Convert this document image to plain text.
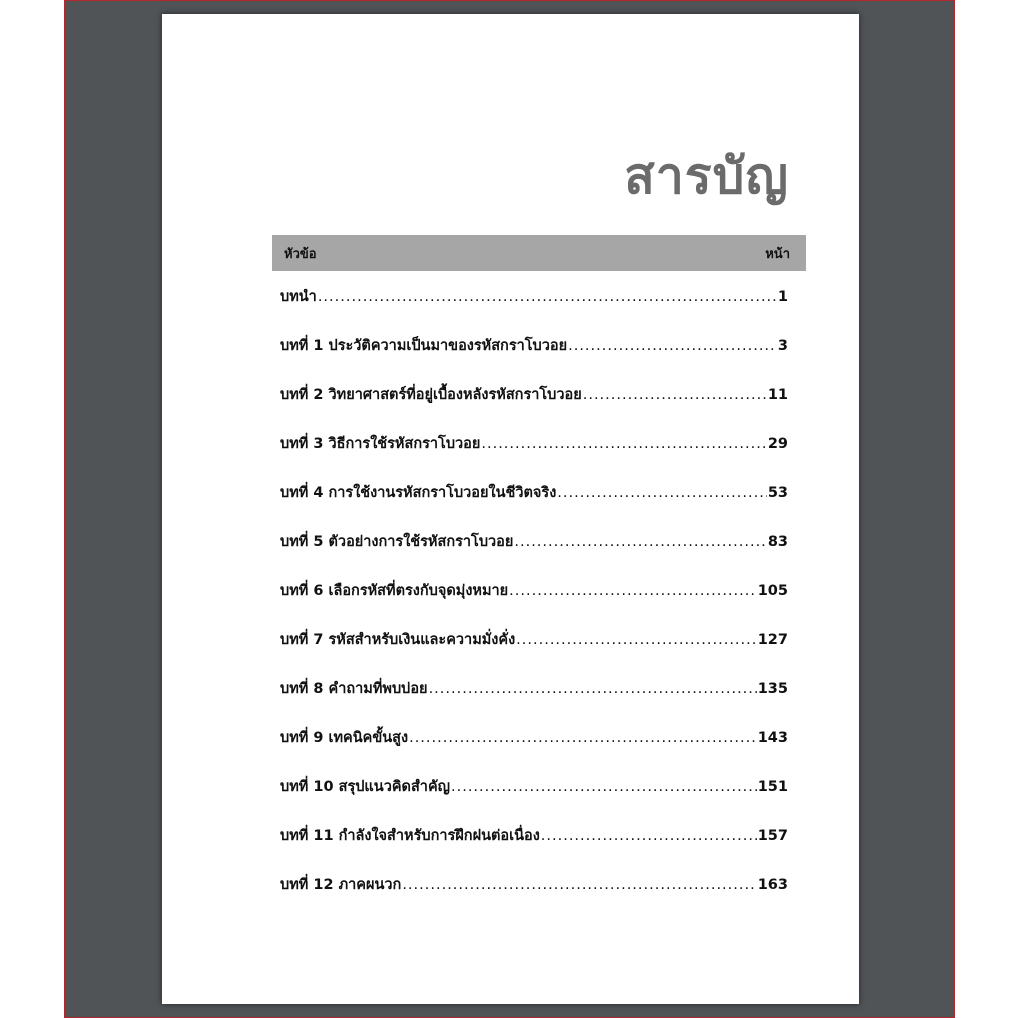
สารบัญ
หัวข้อ	หน้า
บทนำ .....	1
บทที่ 1 ประวัติความเป็นมาของรหัสกราโบวอย .....	3
บทที่ 2 วิทยาศาสตร์ที่อยู่เบื้องหลังรหัสกราโบวอย .....	11
บทที่ 3 วิธีการใช้รหัสกราโบวอย .....	29
บทที่ 4 การใช้งานรหัสกราโบวอยในชีวิตจริง .....	53
บทที่ 5 ตัวอย่างการใช้รหัสกราโบวอย .....	83
บทที่ 6 เลือกรหัสที่ตรงกับจุดมุ่งหมาย .....	105
บทที่ 7 รหัสสำหรับเงินและความมั่งคั่ง .....	127
บทที่ 8 คำถามที่พบบ่อย .....	135
บทที่ 9 เทคนิคขั้นสูง .....	143
บทที่ 10 สรุปแนวคิดสำคัญ .....	151
บทที่ 11 กำลังใจสำหรับการฝึกฝนต่อเนื่อง .....	157
บทที่ 12 ภาคผนวก .....	163
